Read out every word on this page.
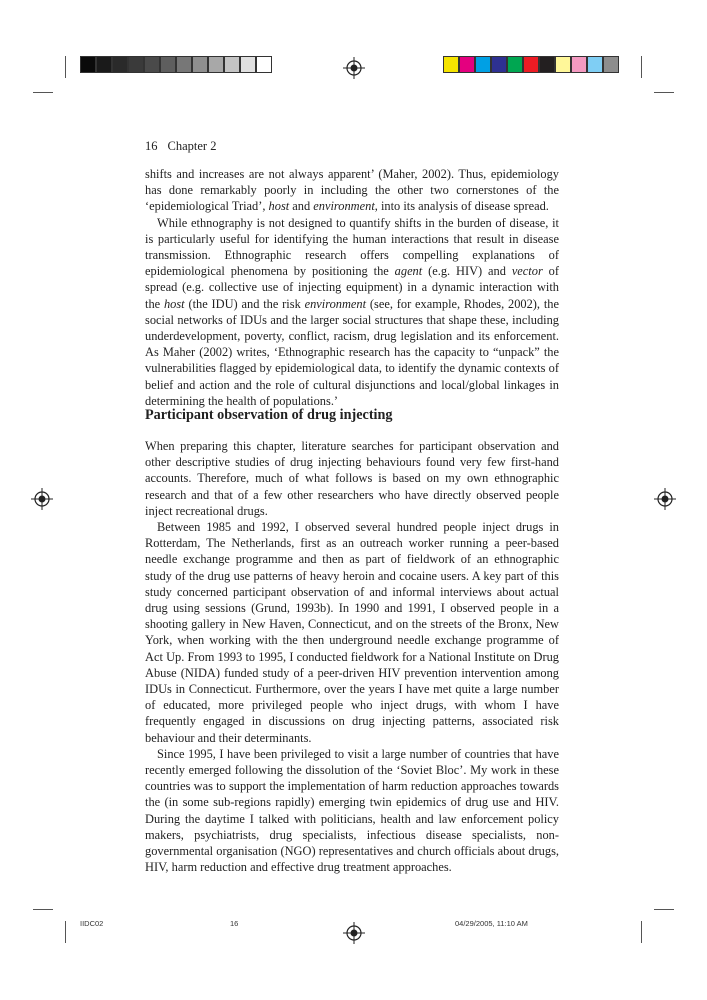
16 Chapter 2

shifts and increases are not always apparent’ (Maher, 2002). Thus, epidemiology has done remarkably poorly in including the other two cornerstones of the ‘epidemiological Triad’, host and environment, into its analysis of disease spread.

While ethnography is not designed to quantify shifts in the burden of disease, it is particularly useful for identifying the human interactions that result in disease transmission. Ethnographic research offers compelling explanations of epidemiological phenomena by positioning the agent (e.g. HIV) and vector of spread (e.g. collective use of injecting equipment) in a dynamic interaction with the host (the IDU) and the risk environment (see, for example, Rhodes, 2002), the social networks of IDUs and the larger social structures that shape these, including underdevelopment, poverty, conflict, racism, drug legislation and its enforcement. As Maher (2002) writes, ‘Ethnographic research has the capacity to “unpack” the vulnerabilities flagged by epidemiological data, to identify the dynamic contexts of belief and action and the role of cultural disjunctions and local/global linkages in determining the health of populations.’

Participant observation of drug injecting

When preparing this chapter, literature searches for participant observation and other descriptive studies of drug injecting behaviours found very few first-hand accounts. Therefore, much of what follows is based on my own ethnographic research and that of a few other researchers who have directly observed people inject recreational drugs.

Between 1985 and 1992, I observed several hundred people inject drugs in Rotterdam, The Netherlands, first as an outreach worker running a peer-based needle exchange programme and then as part of fieldwork of an ethnographic study of the drug use patterns of heavy heroin and cocaine users. A key part of this study concerned participant observation of and informal interviews about actual drug using sessions (Grund, 1993b). In 1990 and 1991, I observed people in a shooting gallery in New Haven, Connecticut, and on the streets of the Bronx, New York, when working with the then underground needle exchange programme of Act Up. From 1993 to 1995, I conducted fieldwork for a National Institute on Drug Abuse (NIDA) funded study of a peer-driven HIV prevention intervention among IDUs in Connecticut. Furthermore, over the years I have met quite a large number of educated, more privileged people who inject drugs, with whom I have frequently engaged in discussions on drug injecting patterns, associated risk behaviour and their determinants.

Since 1995, I have been privileged to visit a large number of countries that have recently emerged following the dissolution of the ‘Soviet Bloc’. My work in these countries was to support the implementation of harm reduction approaches towards the (in some sub-regions rapidly) emerging twin epidemics of drug use and HIV. During the daytime I talked with politicians, health and law enforcement policy makers, psychiatrists, drug specialists, infectious disease specialists, non-governmental organisation (NGO) representatives and church officials about drugs, HIV, harm reduction and effective drug treatment approaches.

IIDC02	16	04/29/2005, 11:10 AM
